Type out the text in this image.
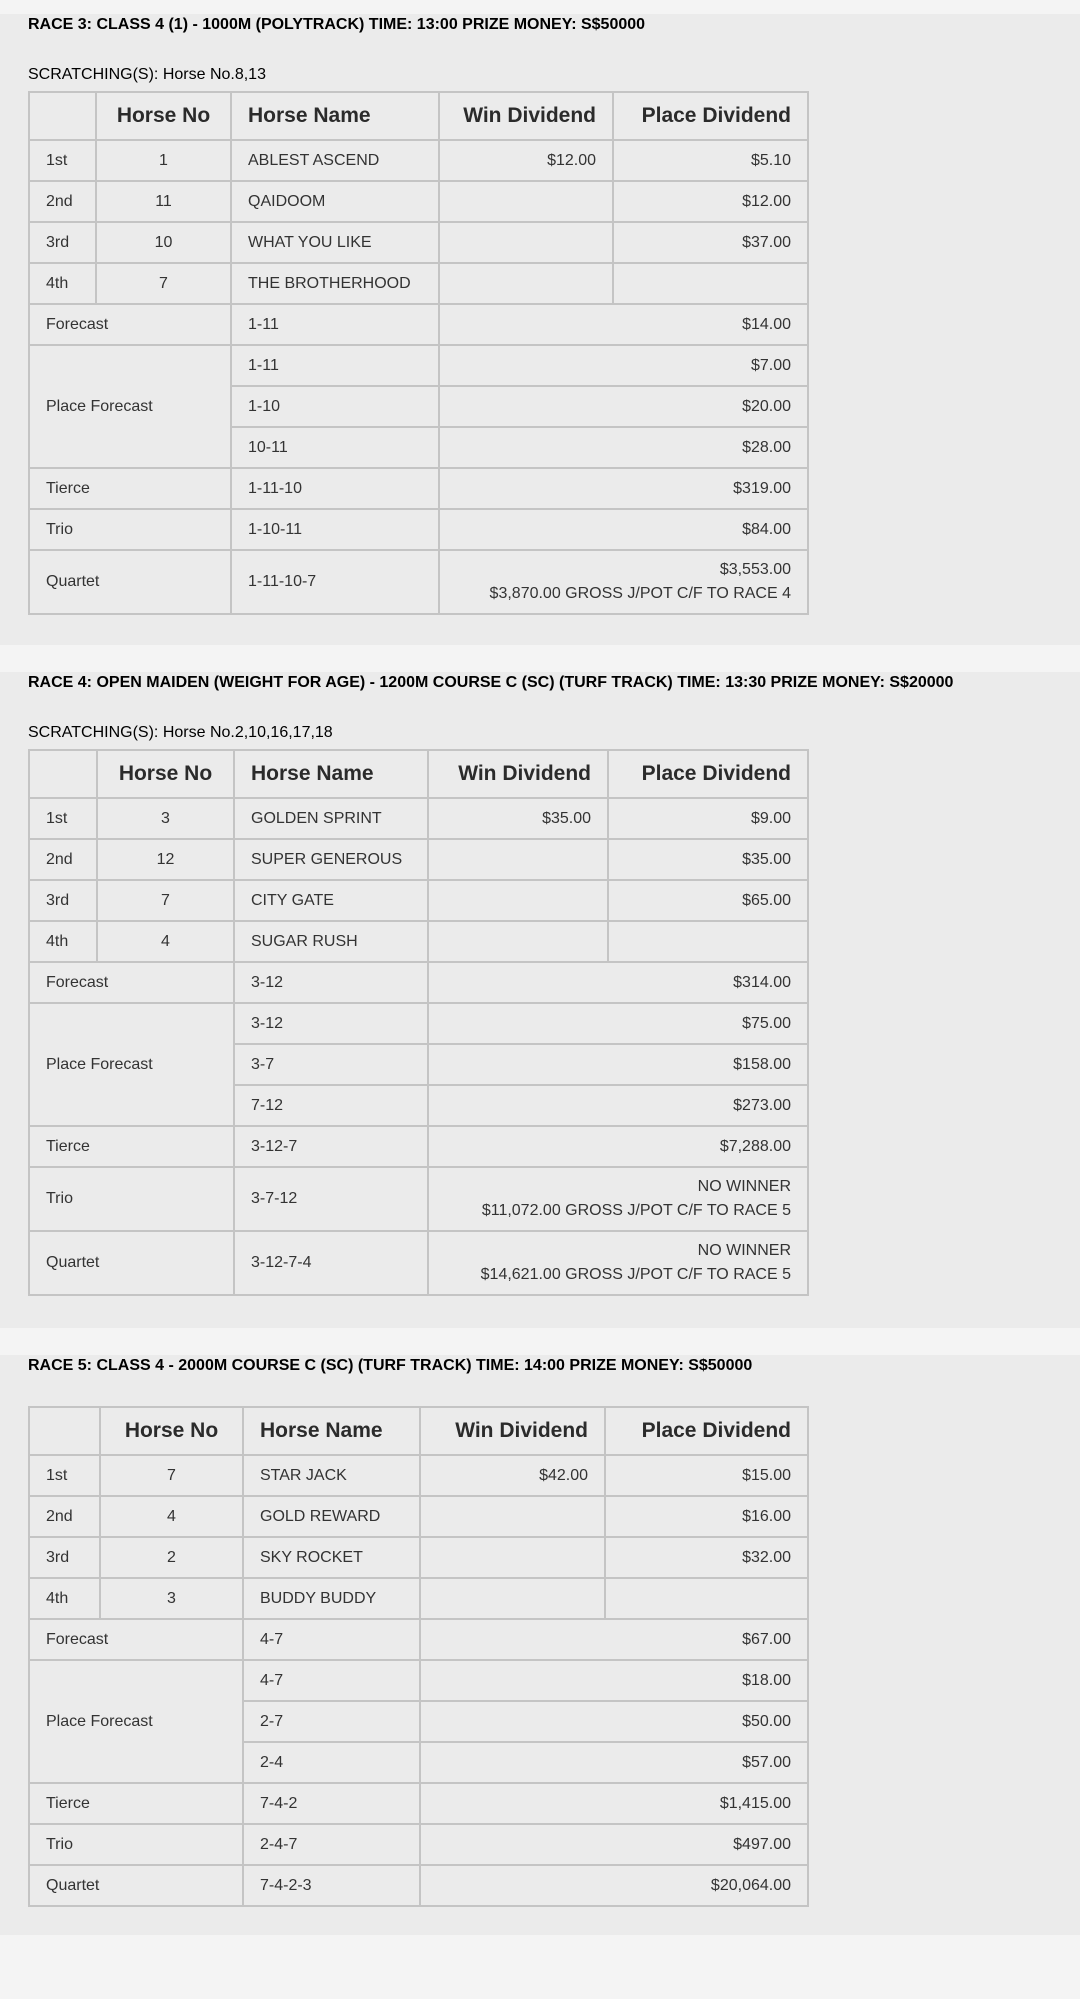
RACE 3: CLASS 4 (1) - 1000M (POLYTRACK) TIME: 13:00 PRIZE MONEY: S$50000
SCRATCHING(S): Horse No.8,13
	Horse No	Horse Name	Win Dividend	Place Dividend
1st	1	ABLEST ASCEND	$12.00	$5.10
2nd	11	QAIDOOM		$12.00
3rd	10	WHAT YOU LIKE		$37.00
4th	7	THE BROTHERHOOD		
Forecast		1-11	$14.00	
Place Forecast		1-11	$7.00	
		1-10	$20.00	
		10-11	$28.00	
Tierce		1-11-10	$319.00	
Trio		1-10-11	$84.00	
Quartet		1-11-10-7	$3,553.00
$3,870.00 GROSS J/POT C/F TO RACE 4	
RACE 4: OPEN MAIDEN (WEIGHT FOR AGE) - 1200M COURSE C (SC) (TURF TRACK) TIME: 13:30 PRIZE MONEY: S$20000
SCRATCHING(S): Horse No.2,10,16,17,18
	Horse No	Horse Name	Win Dividend	Place Dividend
1st	3	GOLDEN SPRINT	$35.00	$9.00
2nd	12	SUPER GENEROUS		$35.00
3rd	7	CITY GATE		$65.00
4th	4	SUGAR RUSH		
Forecast		3-12	$314.00	
Place Forecast		3-12	$75.00	
		3-7	$158.00	
		7-12	$273.00	
Tierce		3-12-7	$7,288.00	
Trio		3-7-12	NO WINNER
$11,072.00 GROSS J/POT C/F TO RACE 5	

Quartet		3-12-7-4	NO WINNER
$14,621.00 GROSS J/POT C/F TO RACE 5	
RACE 5: CLASS 4 - 2000M COURSE C (SC) (TURF TRACK) TIME: 14:00 PRIZE MONEY: S$50000
	Horse No	Horse Name	Win Dividend	Place Dividend
1st	7	STAR JACK	$42.00	$15.00
2nd	4	GOLD REWARD		$16.00
3rd	2	SKY ROCKET		$32.00
4th	3	BUDDY BUDDY		
Forecast		4-7	$67.00	
Place Forecast		4-7	$18.00	
		2-7	$50.00	
		2-4	$57.00	
Tierce		7-4-2	$1,415.00	
Trio		2-4-7	$497.00	
Quartet		7-4-2-3	$20,064.00	
